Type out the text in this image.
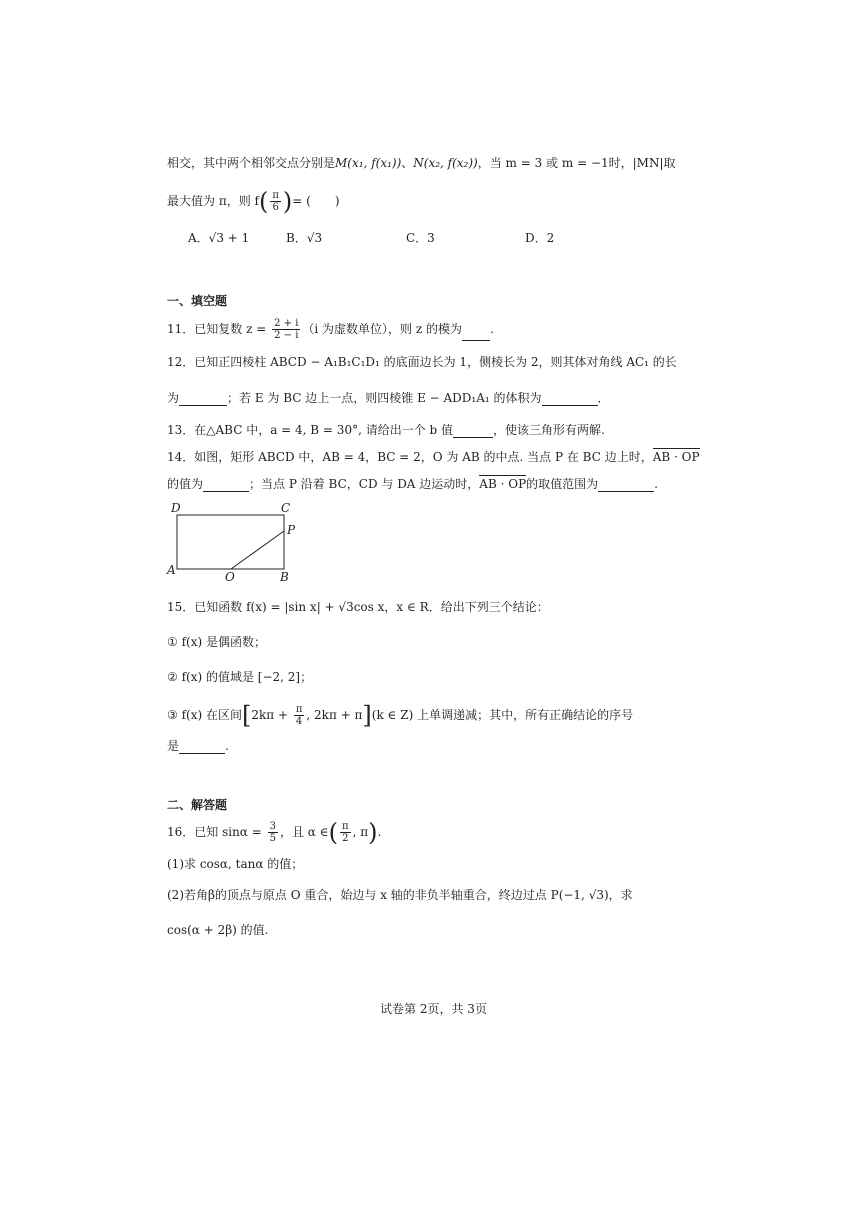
相交，其中两个相邻交点分别是M(x₁, f(x₁))、N(x₂, f(x₂))，当 m = 3 或 m = −1时，|MN|取
最大值为 π，则 $f( \frac{\pi}{6}$ )= (　　)
A．√3 + 1	B．√3	C．3	D．2
一、填空题
11．已知复数 $z = \frac{2 + i}{2 - i} (i$ 为虚数单位），则 z 的模为 .
12．已知正四棱柱 ABCD − A₁B₁C₁D₁ 的底面边长为 1，侧棱长为 2，则其体对角线 AC₁ 的长
为	；若 E 为 BC 边上一点，则四棱锥 E − ADD₁A₁ 的体积为	．
13．在△ABC 中，a = 4, B = 30°, 请给出一个 b 值	，使该三角形有两解.
14．如图，矩形 ABCD 中，AB = 4，BC = 2，O 为 AB 的中点. 当点 P 在 BC 边上时，AB · OP
的值为	；当点 P 沿着 BC，CD 与 DA 边运动时，AB · OP的取值范围为	.
D	C
P
A	O	B
15．已知函数 f(x) = |sin x| + √3cos x，x ∈ R．给出下列三个结论：
① f(x) 是偶函数；
② f(x) 的值域是 [−2, 2]；
③ f(x) 在区间[$2k\pi + \frac{\pi}{4}$ , 2kπ + π](k ∈ Z) 上单调递减；其中，所有正确结论的序号
是	.
二、解答题
16．已知 $\sin\alpha = \frac{3}{5}$ ，且 α ∈( $\frac{\pi}{2}$ , π).
(1)求 cosα, tanα 的值；
(2)若角β的顶点与原点 O 重合，始边与 x 轴的非负半轴重合，终边过点 P(−1, √3)，求
cos(α + 2β) 的值.
试卷第 2页，共 3页
